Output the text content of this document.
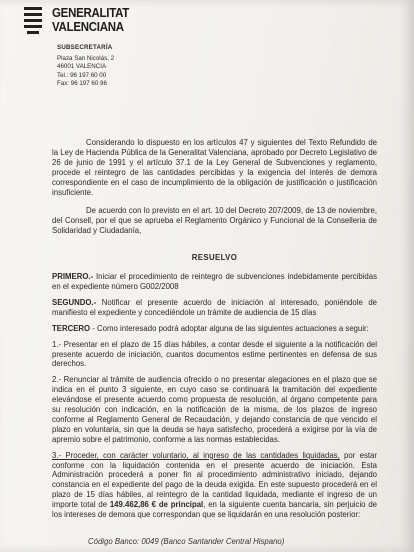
GENERALITAT
VALENCIANA
SUBSECRETARÍA
Plaza San Nicolás, 2
46001 VALENCIA
Tel.: 96 197 60 00
Fax: 96 197 60 96

Considerando lo dispuesto en los artículos 47 y siguientes del Texto Refundido de la Ley de Hacienda Pública de la Generalitat Valenciana, aprobado por Decreto Legislativo de 26 de junio de 1991 y el artículo 37.1 de la Ley General de Subvenciones y reglamento, procede el reintegro de las cantidades percibidas y la exigencia del interés de demora correspondiente en el caso de incumplimiento de la obligación de justificación o justificación insuficiente.

De acuerdo con lo previsto en el art. 10 del Decreto 207/2009, de 13 de noviembre, del Consell, por el que se aprueba el Reglamento Orgánico y Funcional de la Conselleria de Solidaridad y Ciudadanía,

RESUELVO

PRIMERO.- Iniciar el procedimiento de reintegro de subvenciones indebidamente percibidas en el expediente número G002/2008

SEGUNDO.- Notificar el presente acuerdo de iniciación al interesado, poniéndole de manifiesto el expediente y concediéndole un trámite de audiencia de 15 días

TERCERO - Como interesado podrá adoptar alguna de las siguientes actuaciones a seguir:

1.- Presentar en el plazo de 15 días hábiles, a contar desde el siguiente a la notificación del presente acuerdo de iniciación, cuantos documentos estime pertinentes en defensa de sus derechos.

2.- Renunciar al trámite de audiencia ofrecido o no presentar alegaciones en el plazo que se indica en el punto 3 siguiente, en cuyo caso se continuará la tramitación del expediente elevándose el presente acuerdo como propuesta de resolución, al órgano competente para su resolución con indicación, en la notificación de la misma, de los plazos de ingreso conforme al Reglamento General de Recaudación, y dejando constancia de que vencido el plazo en voluntaria, sin que la deuda se haya satisfecho, procederá a exigirse por la vía de apremio sobre el patrimonio, conforme a las normas establecidas.

3.- Proceder, con carácter voluntario, al ingreso de las cantidades liquidadas, por estar conforme con la liquidación contenida en el presente acuerdo de iniciación. Esta Administración procederá a poner fin al procedimiento administrativo iniciado, dejando constancia en el expediente del pago de la deuda exigida. En este supuesto procederá en el plazo de 15 días hábiles, al reintegro de la cantidad liquidada, mediante el ingreso de un importe total de 149.462,86 € de principal, en la siguiente cuenta bancaria, sin perjuicio de los intereses de demora que correspondan que se liquidarán en una resolución posterior:

Código Banco: 0049 (Banco Santander Central Hispano)
